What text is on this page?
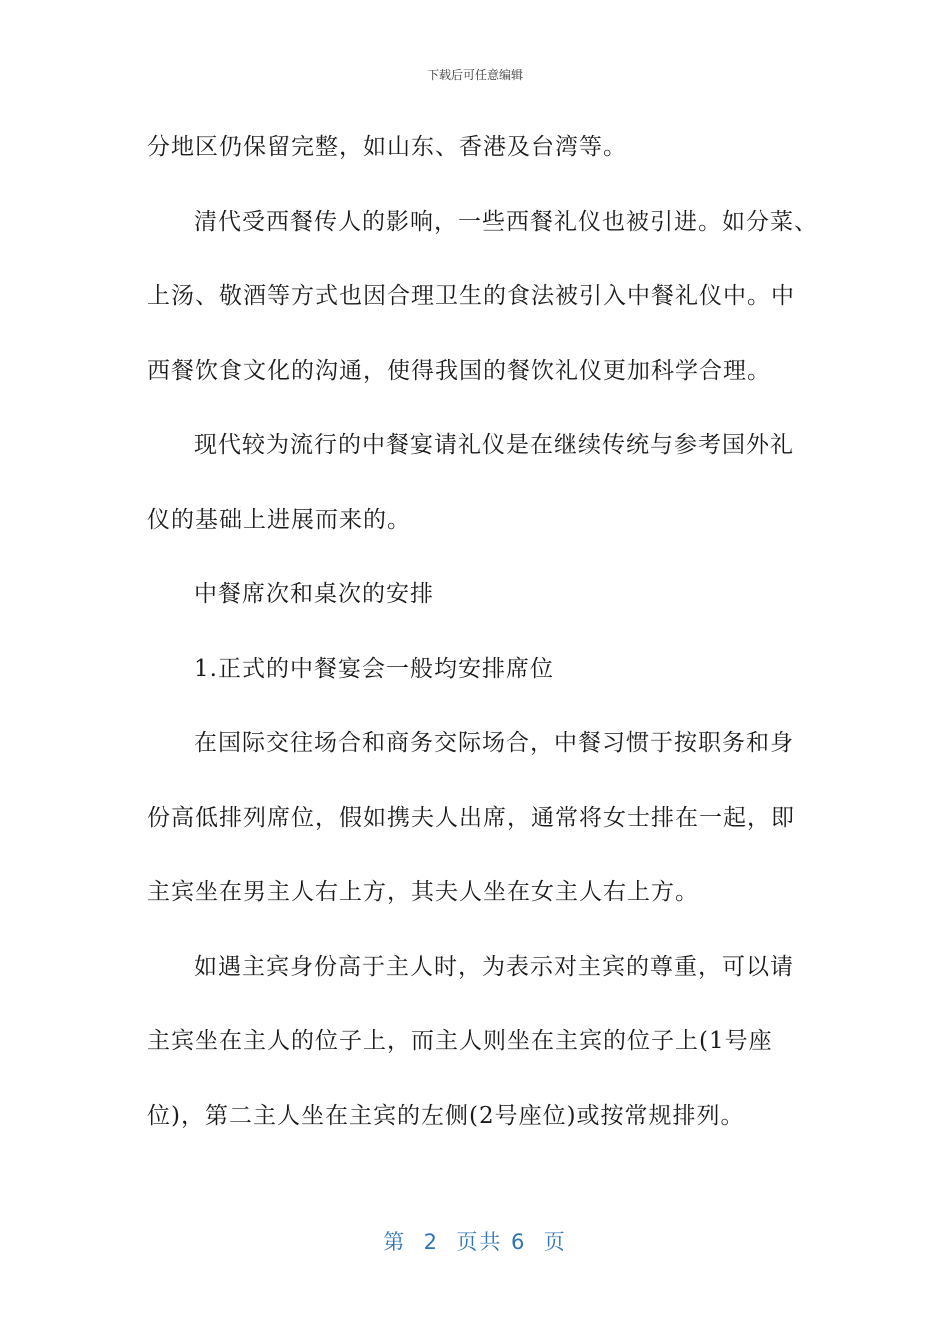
下载后可任意编辑
分地区仍保留完整，如山东、香港及台湾等。
清代受西餐传人的影响，一些西餐礼仪也被引进。如分菜、
上汤、敬酒等方式也因合理卫生的食法被引入中餐礼仪中。中
西餐饮食文化的沟通，使得我国的餐饮礼仪更加科学合理。
现代较为流行的中餐宴请礼仪是在继续传统与参考国外礼
仪的基础上进展而来的。
中餐席次和桌次的安排
1.正式的中餐宴会一般均安排席位
在国际交往场合和商务交际场合，中餐习惯于按职务和身
份高低排列席位，假如携夫人出席，通常将女士排在一起，即
主宾坐在男主人右上方，其夫人坐在女主人右上方。
如遇主宾身份高于主人时，为表示对主宾的尊重，可以请
主宾坐在主人的位子上，而主人则坐在主宾的位子上(1号座
位)，第二主人坐在主宾的左侧(2号座位)或按常规排列。
第  2  页共 6  页
